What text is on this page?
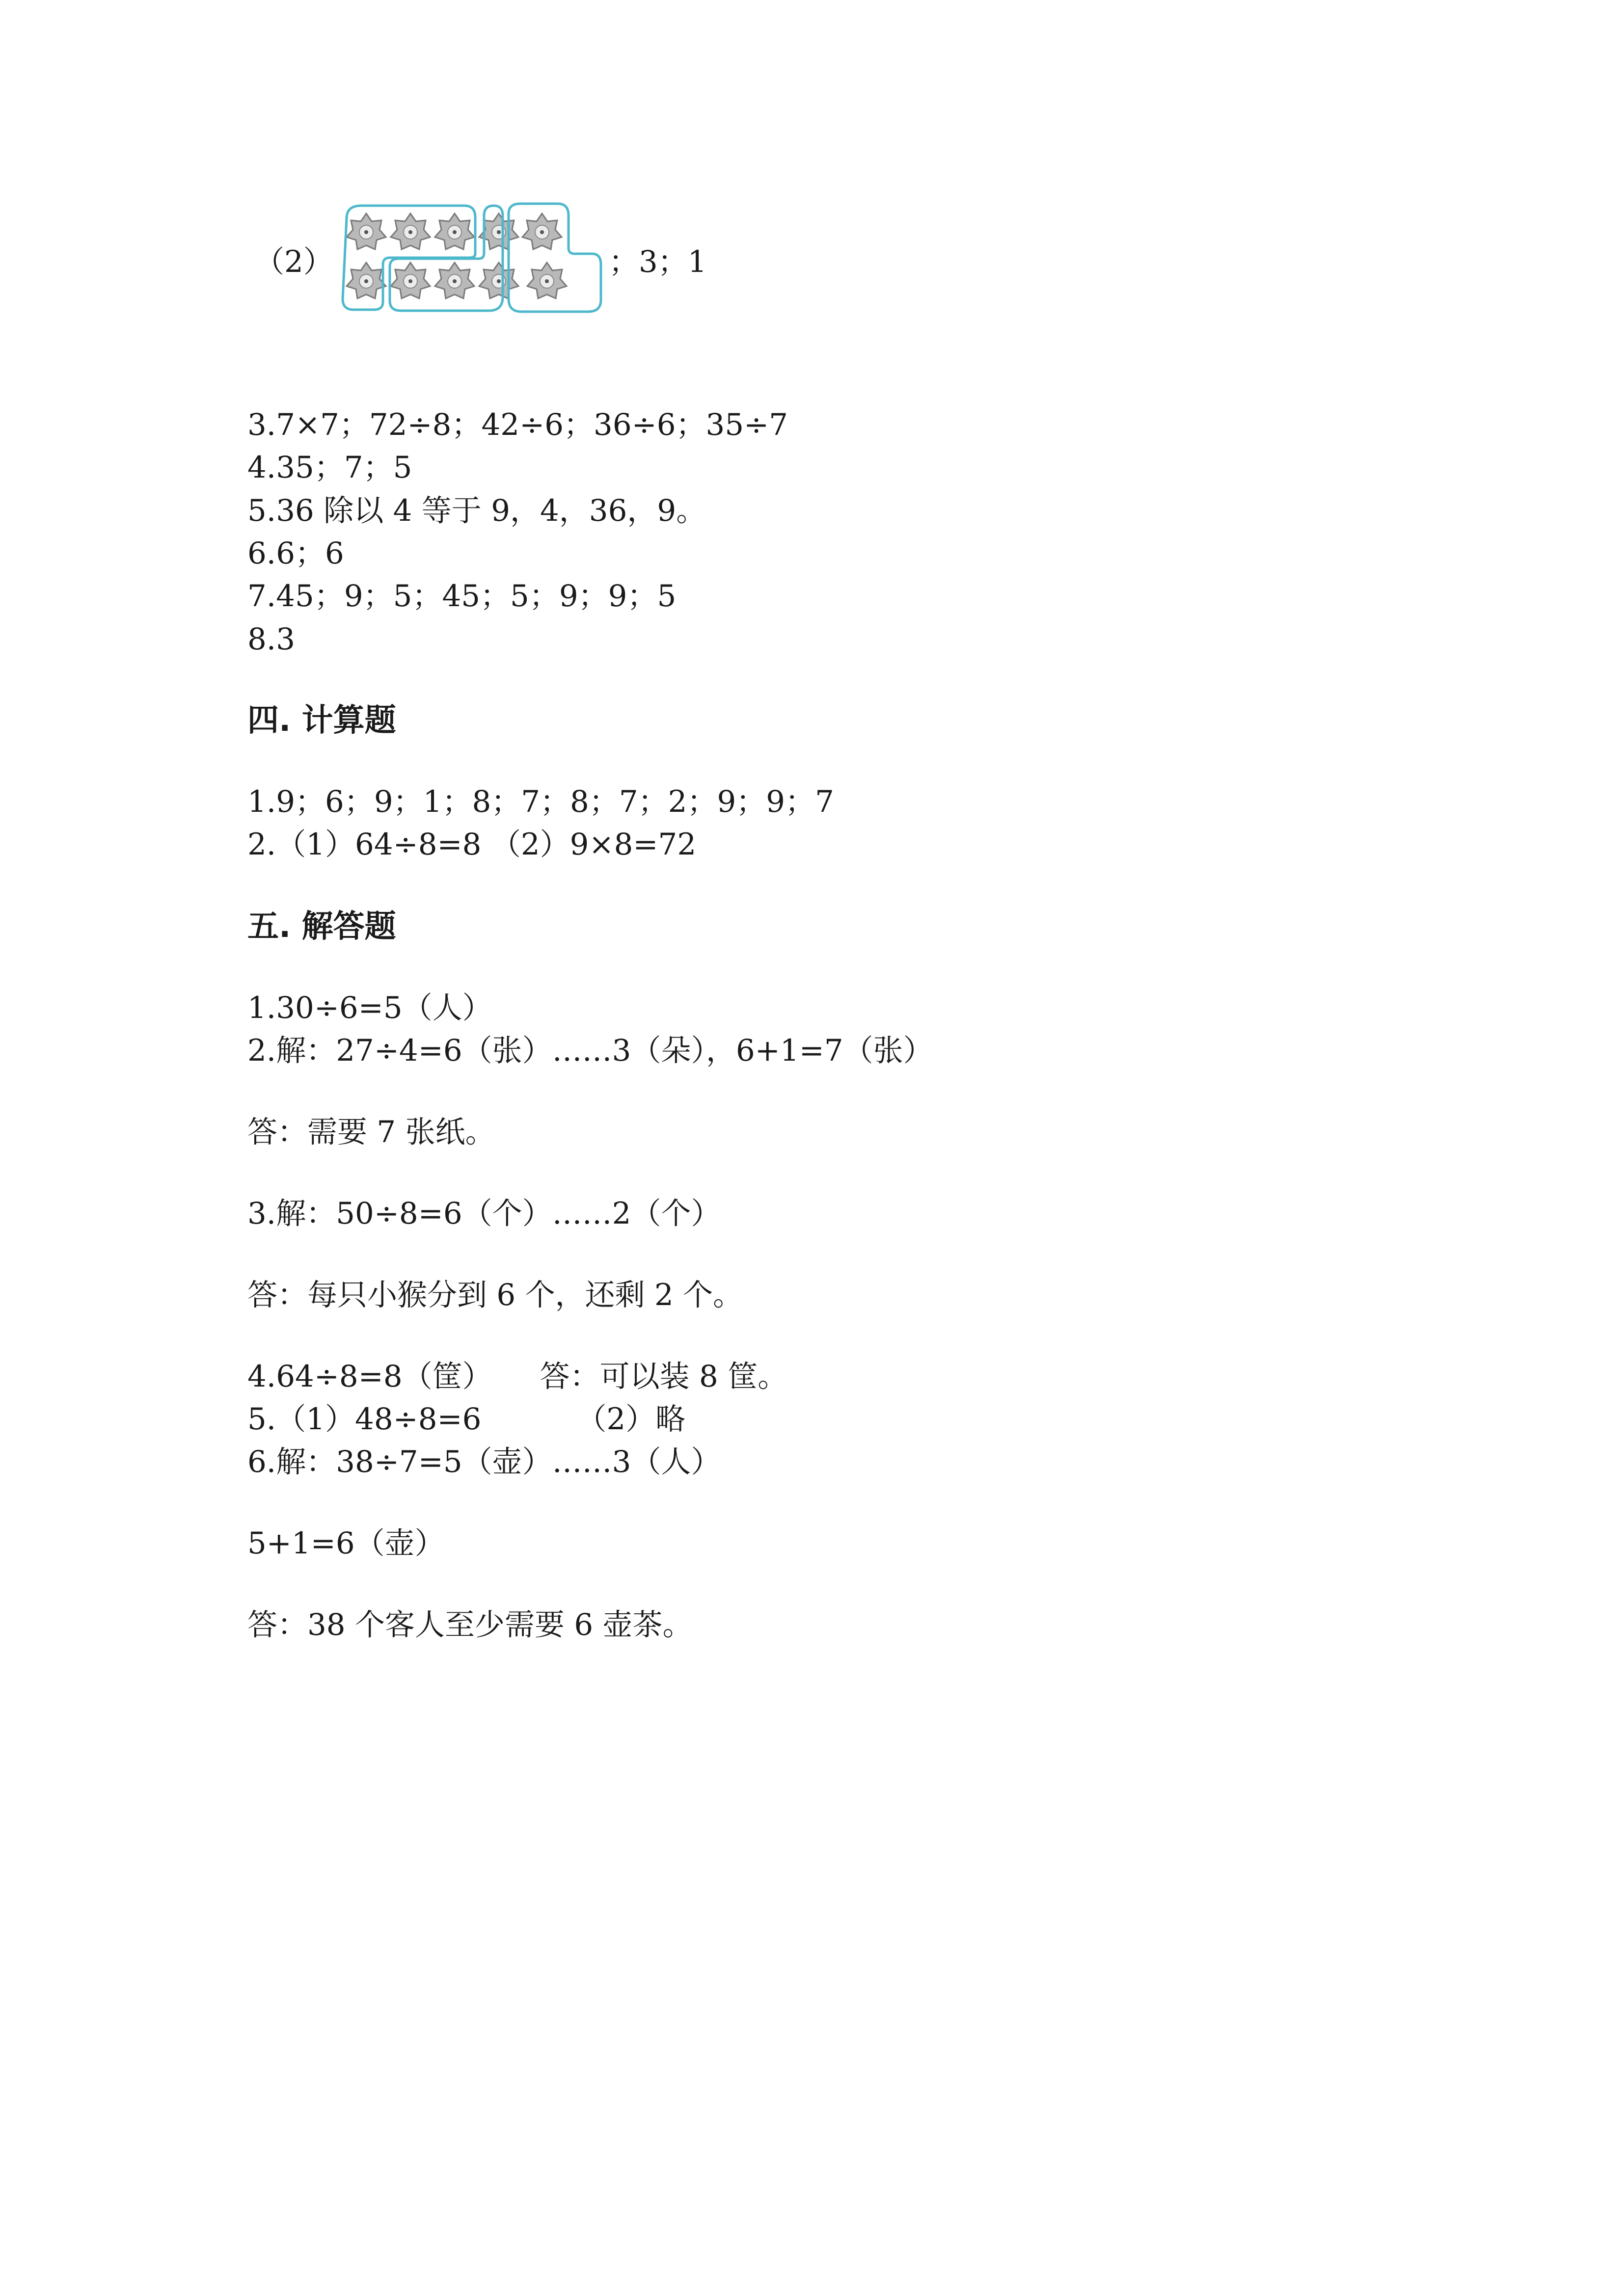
（2）	；3；1
3.7×7；72÷8；42÷6；36÷6；35÷7
4.35；7；5
5.36 除以 4 等于 9，4，36，9。
6.6；6
7.45；9；5；45；5；9；9；5
8.3
四. 计算题
1.9；6；9；1；8；7；8；7；2；9；9；7
2.（1）64÷8=8 （2）9×8=72
五. 解答题
1.30÷6=5（人）
2.解：27÷4=6（张）……3（朵），6+1=7（张）
答：需要 7 张纸。
3.解：50÷8=6（个）……2（个）
答：每只小猴分到 6 个，还剩 2 个。
4.64÷8=8（筐）     答：可以装 8 筐。
5.（1）48÷8=6          （2）略
6.解：38÷7=5（壶）……3（人）
5+1=6（壶）
答：38 个客人至少需要 6 壶茶。
